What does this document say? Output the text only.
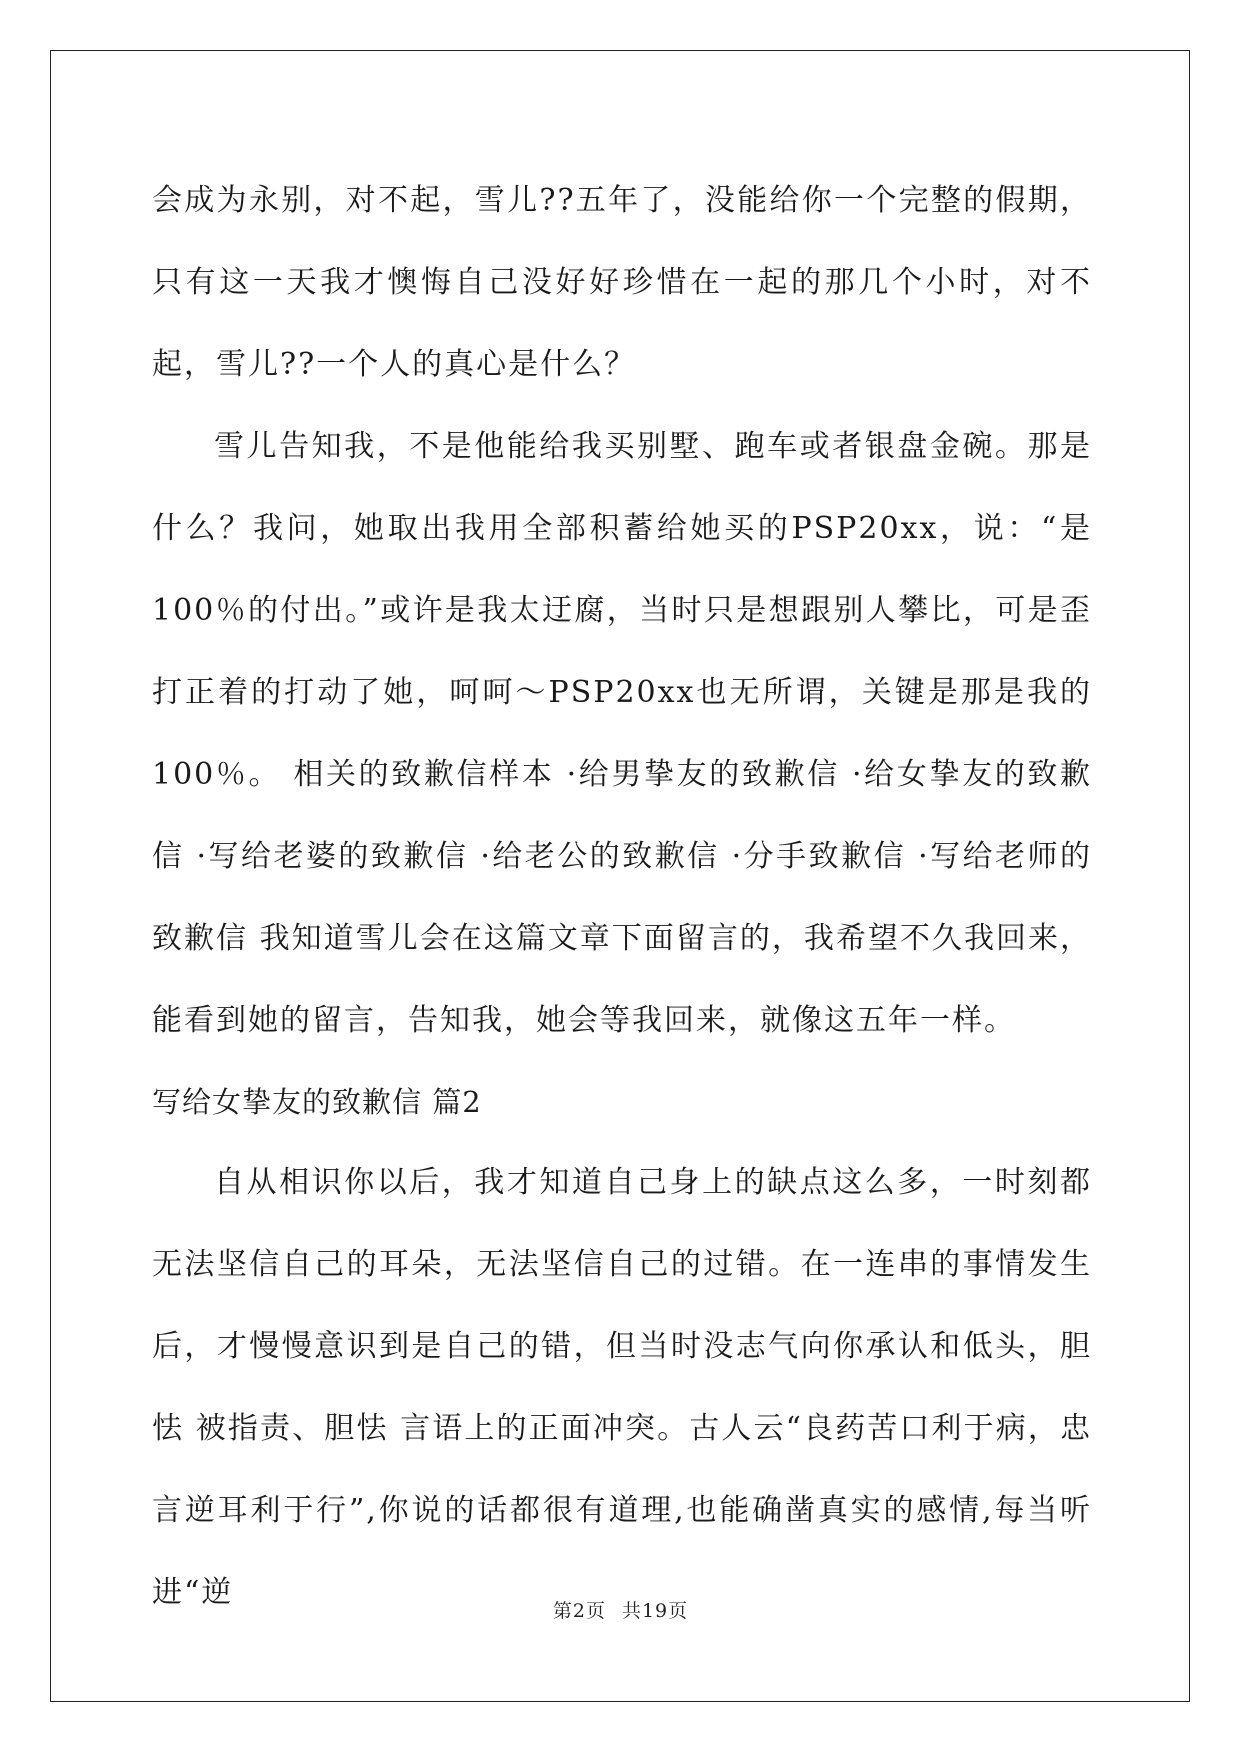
会成为永别，对不起，雪儿??五年了，没能给你一个完整的假期，只有这一天我才懊悔自己没好好珍惜在一起的那几个小时，对不起，雪儿??一个人的真心是什么？

雪儿告知我，不是他能给我买别墅、跑车或者银盘金碗。那是什么？我问，她取出我用全部积蓄给她买的PSP20xx，说：“是100％的付出。”或许是我太迂腐，当时只是想跟别人攀比，可是歪打正着的打动了她，呵呵～PSP20xx也无所谓，关键是那是我的100％。 相关的致歉信样本 ·给男挚友的致歉信 ·给女挚友的致歉信 ·写给老婆的致歉信 ·给老公的致歉信 ·分手致歉信 ·写给老师的致歉信 我知道雪儿会在这篇文章下面留言的，我希望不久我回来，能看到她的留言，告知我，她会等我回来，就像这五年一样。

写给女挚友的致歉信 篇2

自从相识你以后，我才知道自己身上的缺点这么多，一时刻都无法坚信自己的耳朵，无法坚信自己的过错。在一连串的事情发生后，才慢慢意识到是自己的错，但当时没志气向你承认和低头，胆怯 被指责、胆怯 言语上的正面冲突。古人云“良药苦口利于病，忠言逆耳利于行”,你说的话都很有道理,也能确凿真实的感情,每当听进“逆

第2页 共19页
